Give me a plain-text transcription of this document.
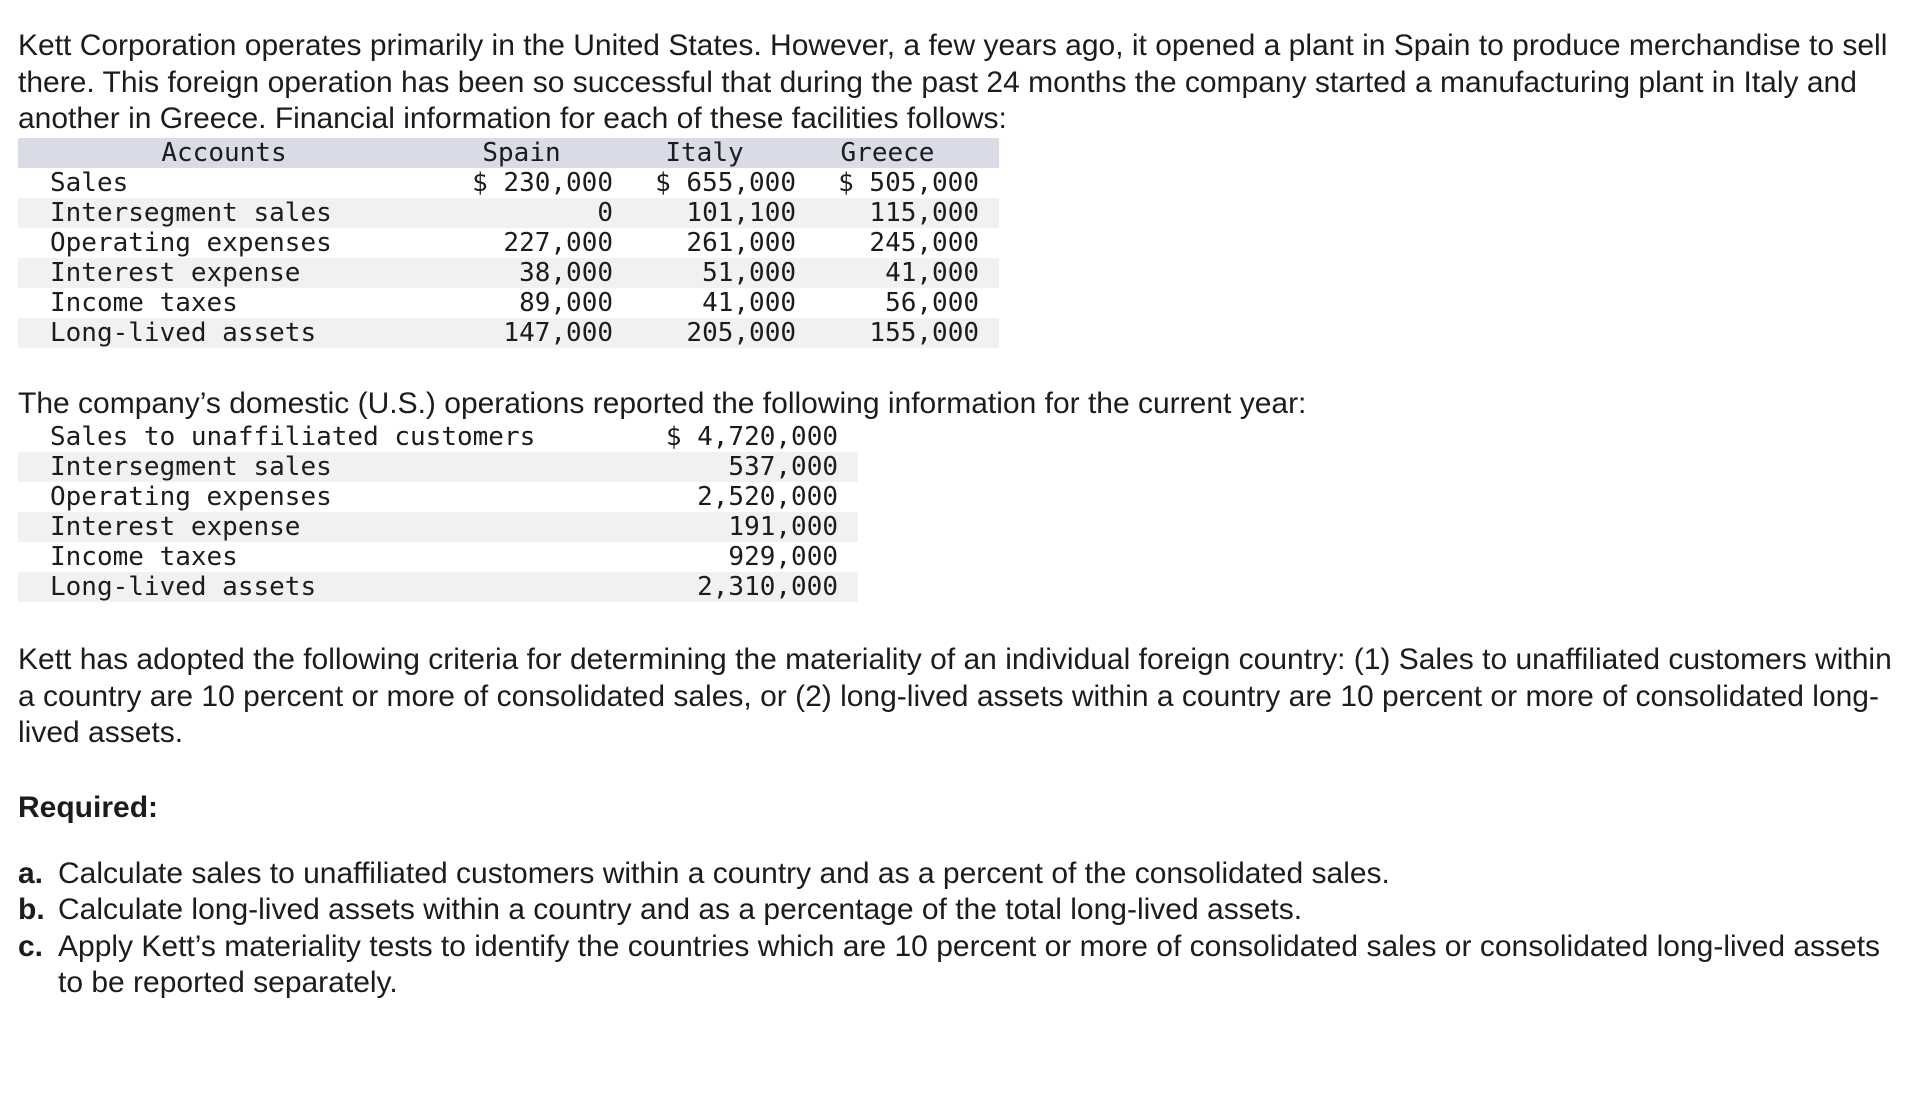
Kett Corporation operates primarily in the United States. However, a few years ago, it opened a plant in Spain to produce merchandise to sell there. This foreign operation has been so successful that during the past 24 months the company started a manufacturing plant in Italy and another in Greece. Financial information for each of these facilities follows:

Accounts	Spain	Italy	Greece
Sales	$ 230,000	$ 655,000	$ 505,000
Intersegment sales	0	101,100	115,000
Operating expenses	227,000	261,000	245,000
Interest expense	38,000	51,000	41,000
Income taxes	89,000	41,000	56,000
Long-lived assets	147,000	205,000	155,000

The company’s domestic (U.S.) operations reported the following information for the current year:

Sales to unaffiliated customers	$ 4,720,000
Intersegment sales	537,000
Operating expenses	2,520,000
Interest expense	191,000
Income taxes	929,000
Long-lived assets	2,310,000

Kett has adopted the following criteria for determining the materiality of an individual foreign country: (1) Sales to unaffiliated customers within a country are 10 percent or more of consolidated sales, or (2) long-lived assets within a country are 10 percent or more of consolidated long-lived assets.

Required:
a. Calculate sales to unaffiliated customers within a country and as a percent of the consolidated sales.
b. Calculate long-lived assets within a country and as a percentage of the total long-lived assets.
c. Apply Kett’s materiality tests to identify the countries which are 10 percent or more of consolidated sales or consolidated long-lived assets to be reported separately.
